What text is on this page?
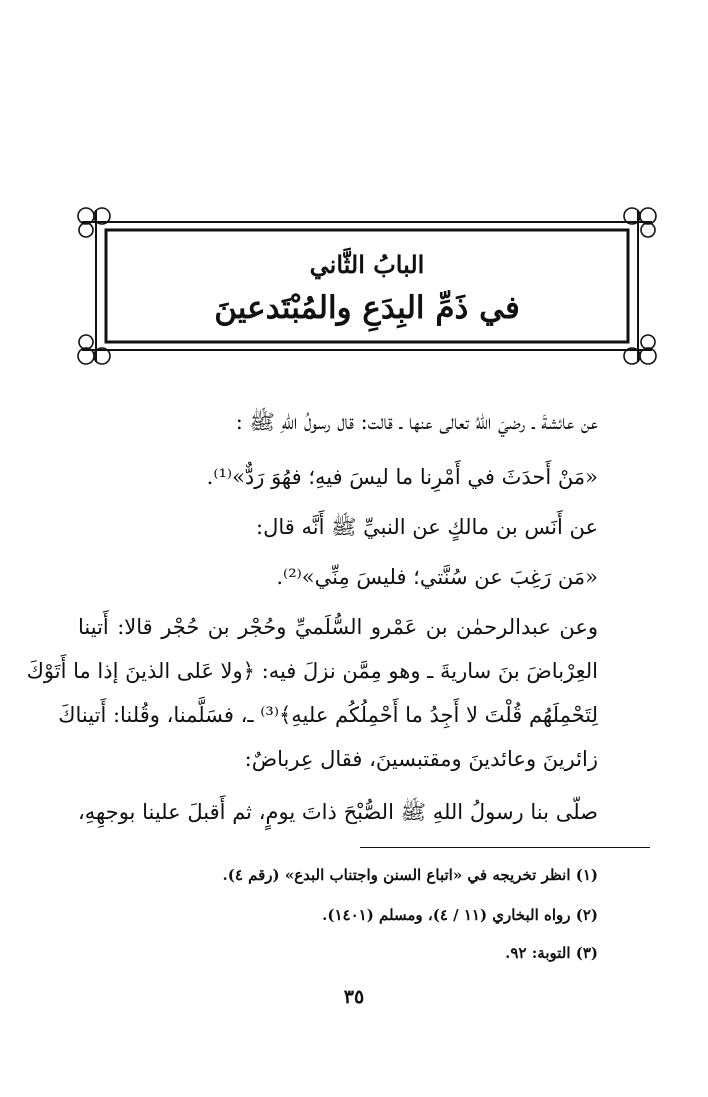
البابُ الثَّاني
في ذَمِّ البِدَعِ والمُبْتَدعينَ
عن عائشةَ ـ رضيَ اللهُ تعالى عنها ـ قالت: قال رسولُ اللهِ ﷺ :
«مَنْ أَحدَثَ في أَمْرِنا ما ليسَ فيهِ؛ فهُوَ رَدٌّ»⁽¹⁾.
عن أَنَس بن مالكٍ عن النبيِّ ﷺ أَنَّه قال:
«مَن رَغِبَ عن سُنَّتي؛ فليسَ مِنِّي»⁽²⁾.
وعن عبدالرحمٰن بن عَمْرو السُّلَميِّ وحُجْر بن حُجْر قالا: أَتينا
العِرْباضَ بنَ ساريةَ ـ وهو مِمَّن نزلَ فيه: ﴿ولا عَلى الذينَ إذا ما أَتَوْكَ
لِتَحْمِلَهُم قُلْتَ لا أَجِدُ ما أَحْمِلُكُم عليهِ﴾⁽³⁾ ـ، فسَلَّمنا، وقُلنا: أَتيناكَ
زائرينَ وعائدينَ ومقتبسينَ، فقال عِرباضٌ:
صلّى بنا رسولُ اللهِ ﷺ الصُّبْحَ ذاتَ يومٍ، ثم أَقبلَ علينا بوجهِهِ،
(١) انظر تخريجه في «اتباع السنن واجتناب البدع» (رقم ٤).
(٢) رواه البخاري (١١ / ٤)، ومسلم (١٤٠١).
(٣) التوبة: ٩٢.
٣٥
